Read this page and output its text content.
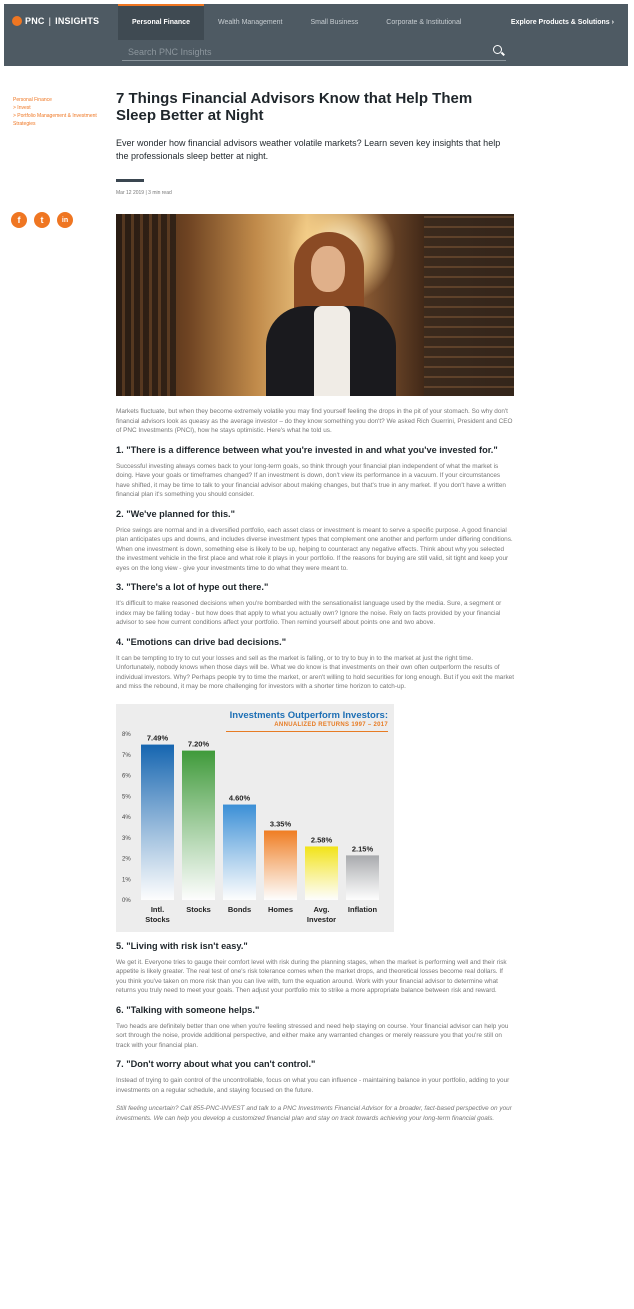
PNC | INSIGHTS	Personal Finance	Wealth Management	Small Business	Corporate & Institutional	Explore Products & Solutions ›
Search PNC Insights
Personal Finance
> Invest
> Portfolio Management & Investment
Strategies
f	t	in
7 Things Financial Advisors Know that Help Them Sleep Better at Night
Ever wonder how financial advisors weather volatile markets? Learn seven key insights that help the professionals sleep better at night.
Mar 12 2019 | 3 min read

Markets fluctuate, but when they become extremely volatile you may find yourself feeling the drops in the pit of your stomach. So why don't financial advisors look as queasy as the average investor – do they know something you don't? We asked Rich Guerrini, President and CEO of PNC Investments (PNCI), how he stays optimistic. Here's what he told us.

1. "There is a difference between what you're invested in and what you've invested for."

Successful investing always comes back to your long-term goals, so think through your financial plan independent of what the market is doing. Have your goals or timeframes changed? If an investment is down, don't view its performance in a vacuum. If your circumstances have shifted, it may be time to talk to your financial advisor about making changes, but that's true in any market. If you don't have a written financial plan it's something you should consider.

2. "We've planned for this."

Price swings are normal and in a diversified portfolio, each asset class or investment is meant to serve a specific purpose. A good financial plan anticipates ups and downs, and includes diverse investment types that complement one another and perform under differing conditions. When one investment is down, something else is likely to be up, helping to counteract any negative effects. Think about why you selected the investment vehicle in the first place and what role it plays in your portfolio. If the reasons for buying are still valid, sit tight and keep your eyes on the long view - give your investments time to do what they were meant to.

3. "There's a lot of hype out there."

It's difficult to make reasoned decisions when you're bombarded with the sensationalist language used by the media. Sure, a segment or index may be falling today - but how does that apply to what you actually own? Ignore the noise. Rely on facts provided by your financial advisor to see how current conditions affect your portfolio. Then remind yourself about points one and two above.

4. "Emotions can drive bad decisions."

It can be tempting to try to cut your losses and sell as the market is falling, or to try to buy in to the market at just the right time. Unfortunately, nobody knows when those days will be. What we do know is that investments on their own often outperform the results of individual investors. Why? Perhaps people try to time the market, or aren't willing to hold securities for long enough. But if you exit the market and miss the rebound, it may be more challenging for investors with a shorter time horizon to catch-up.

Investments Outperform Investors:
ANNUALIZED RETURNS 1997 – 2017
0%
1%
2%
3%
4%
5%
6%
7%
8% 7.49%
Intl.
Stocks
7.20%
Stocks
4.60%
Bonds
3.35%
Homes
2.58%
Avg.
Investor
2.15%
Inflation
5. "Living with risk isn't easy."

We get it. Everyone tries to gauge their comfort level with risk during the planning stages, when the market is performing well and their risk appetite is likely greater. The real test of one's risk tolerance comes when the market drops, and theoretical losses become real dollars. If you think you've taken on more risk than you can live with, turn the equation around. Work with your financial advisor to determine what returns you truly need to meet your goals. Then adjust your portfolio mix to strike a more appropriate balance between risk and reward.

6. "Talking with someone helps."

Two heads are definitely better than one when you're feeling stressed and need help staying on course. Your financial advisor can help you sort through the noise, provide additional perspective, and either make any warranted changes or merely reassure you that you're still on track with your financial plan.

7. "Don't worry about what you can't control."

Instead of trying to gain control of the uncontrollable, focus on what you can influence - maintaining balance in your portfolio, adding to your investments on a regular schedule, and staying focused on the future.

Still feeling uncertain? Call 855-PNC-INVEST and talk to a PNC Investments Financial Advisor for a broader, fact-based perspective on your investments. We can help you develop a customized financial plan and stay on track towards achieving your long-term financial goals.
